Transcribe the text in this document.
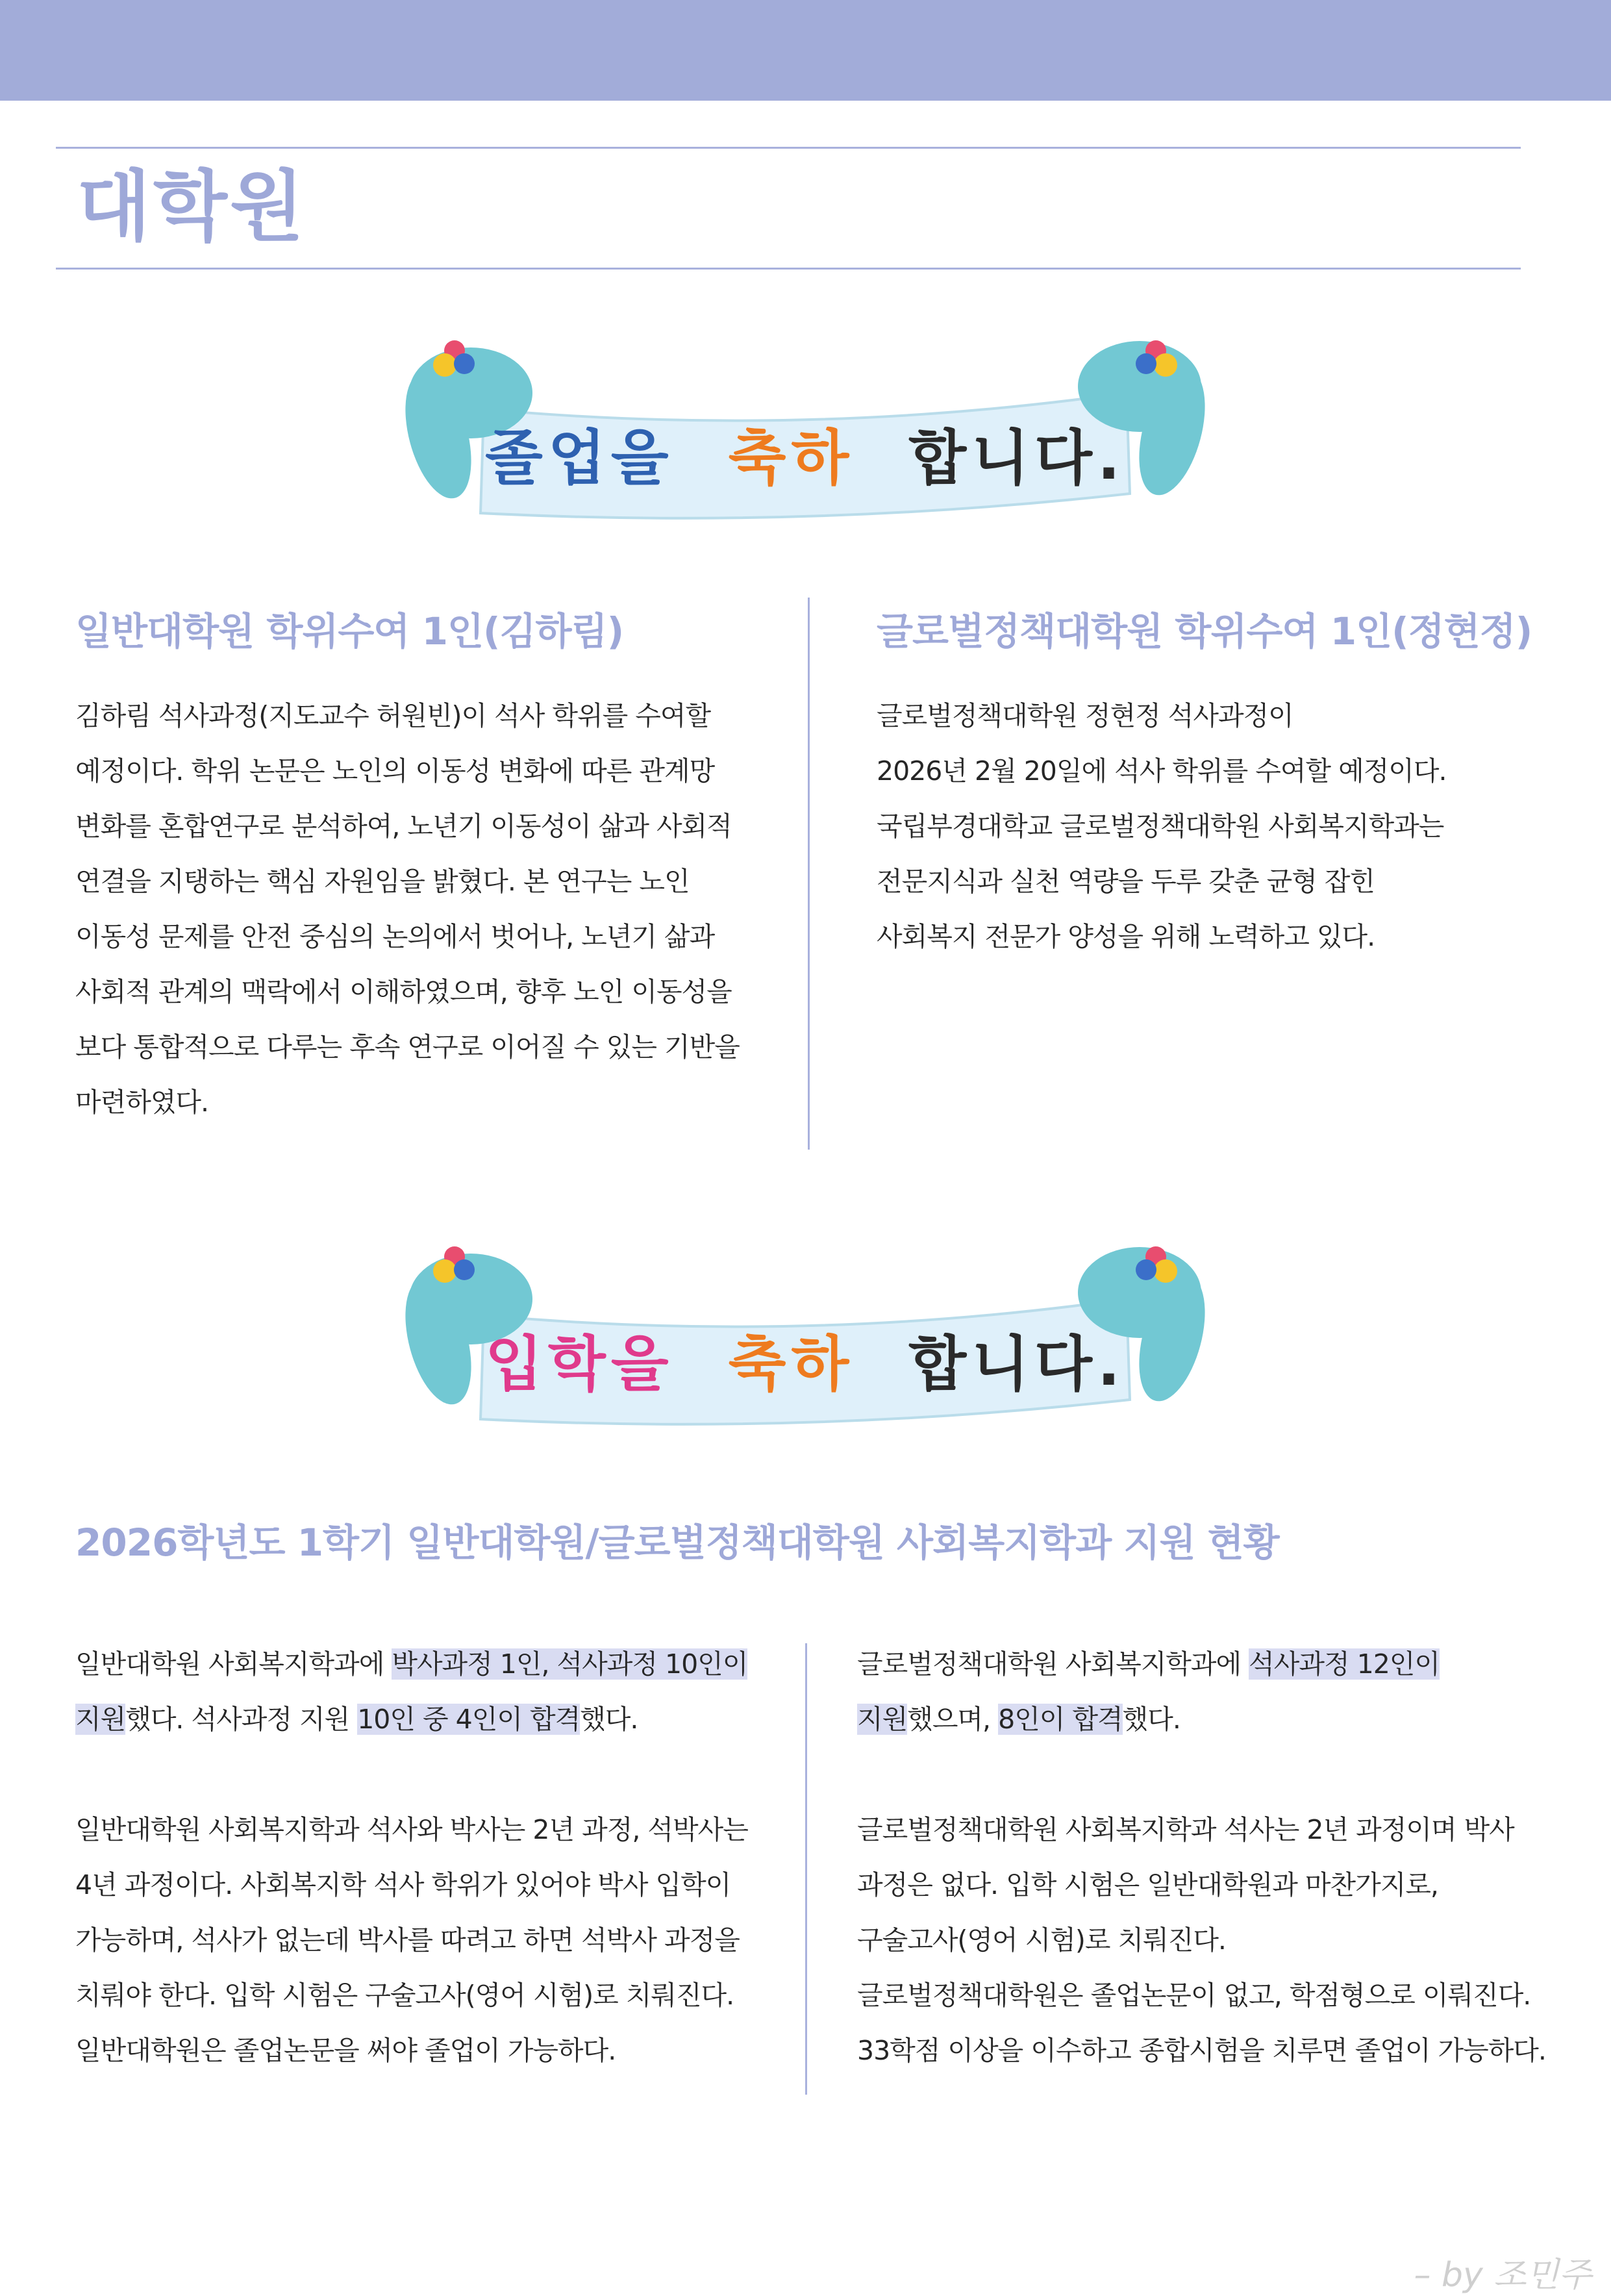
대학원
졸업을 축하 합니다.
일반대학원 학위수여 1인(김하림)
김하림 석사과정(지도교수 허원빈)이 석사 학위를 수여할
예정이다. 학위 논문은 노인의 이동성 변화에 따른 관계망
변화를 혼합연구로 분석하여, 노년기 이동성이 삶과 사회적
연결을 지탱하는 핵심 자원임을 밝혔다. 본 연구는 노인
이동성 문제를 안전 중심의 논의에서 벗어나, 노년기 삶과
사회적 관계의 맥락에서 이해하였으며, 향후 노인 이동성을
보다 통합적으로 다루는 후속 연구로 이어질 수 있는 기반을
마련하였다.
글로벌정책대학원 학위수여 1인(정현정)
글로벌정책대학원 정현정 석사과정이
2026년 2월 20일에 석사 학위를 수여할 예정이다.
국립부경대학교 글로벌정책대학원 사회복지학과는
전문지식과 실천 역량을 두루 갖춘 균형 잡힌
사회복지 전문가 양성을 위해 노력하고 있다.
입학을 축하 합니다.
2026학년도 1학기 일반대학원/글로벌정책대학원 사회복지학과 지원 현황
일반대학원 사회복지학과에 박사과정 1인, 석사과정 10인이
지원했다. 석사과정 지원 10인 중 4인이 합격했다.

일반대학원 사회복지학과 석사와 박사는 2년 과정, 석박사는
4년 과정이다. 사회복지학 석사 학위가 있어야 박사 입학이
가능하며, 석사가 없는데 박사를 따려고 하면 석박사 과정을
치뤄야 한다. 입학 시험은 구술고사(영어 시험)로 치뤄진다.
일반대학원은 졸업논문을 써야 졸업이 가능하다.
글로벌정책대학원 사회복지학과에 석사과정 12인이
지원했으며, 8인이 합격했다.

글로벌정책대학원 사회복지학과 석사는 2년 과정이며 박사
과정은 없다. 입학 시험은 일반대학원과 마찬가지로,
구술고사(영어 시험)로 치뤄진다.
글로벌정책대학원은 졸업논문이 없고, 학점형으로 이뤄진다.
33학점 이상을 이수하고 종합시험을 치루면 졸업이 가능하다.
– by 조민주
